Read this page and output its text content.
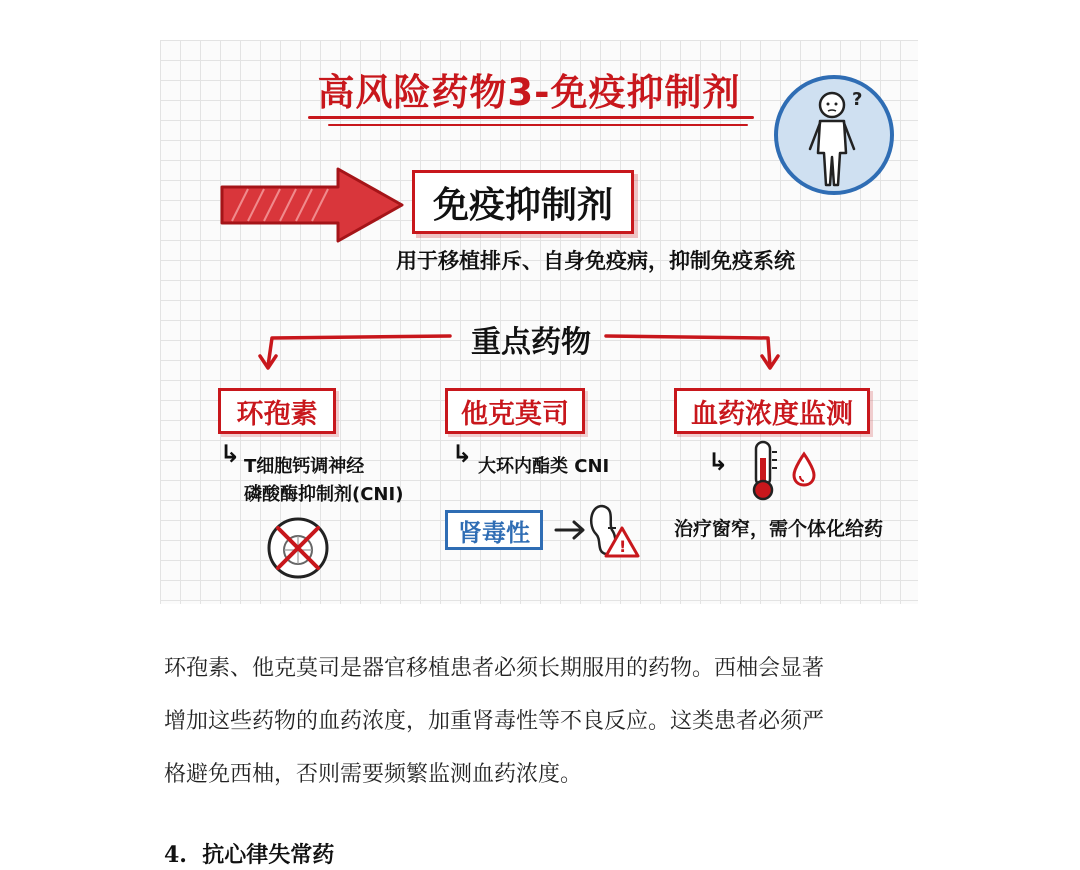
高风险药物3-免疫抑制剂	?
免疫抑制剂
用于移植排斥、自身免疫病，抑制免疫系统
重点药物
环孢素
↳ T细胞钙调神经
磷酸酶抑制剂(CNI)
他克莫司
↳ 大环内酯类 CNI
肾毒性	!
血药浓度监测
↳
治疗窗窄，需个体化给药
环孢素、他克莫司是器官移植患者必须长期服用的药物。西柚会显著
增加这些药物的血药浓度，加重肾毒性等不良反应。这类患者必须严
格避免西柚，否则需要频繁监测血药浓度。
4.  抗心律失常药
